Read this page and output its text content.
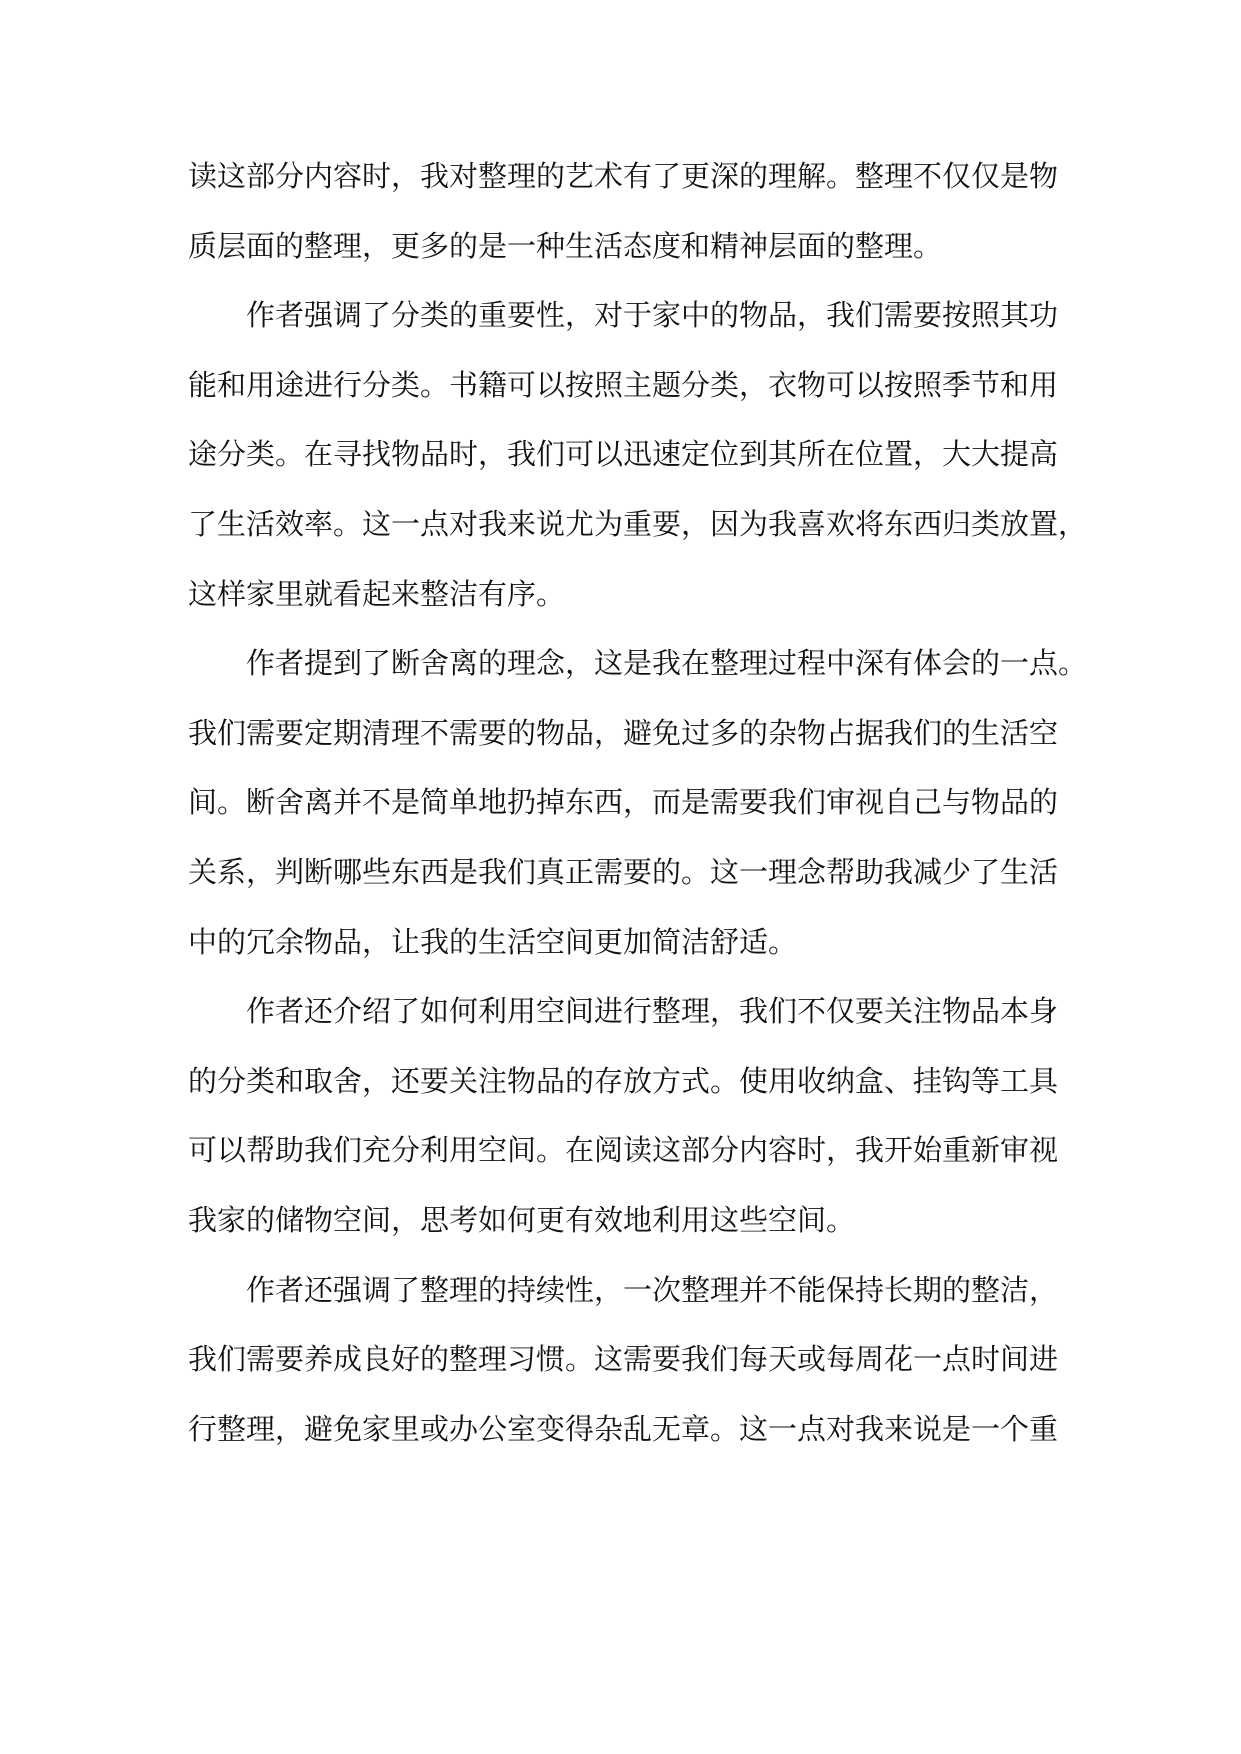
读这部分内容时，我对整理的艺术有了更深的理解。整理不仅仅是物
质层面的整理，更多的是一种生活态度和精神层面的整理。
作者强调了分类的重要性，对于家中的物品，我们需要按照其功
能和用途进行分类。书籍可以按照主题分类，衣物可以按照季节和用
途分类。在寻找物品时，我们可以迅速定位到其所在位置，大大提高
了生活效率。这一点对我来说尤为重要，因为我喜欢将东西归类放置，
这样家里就看起来整洁有序。
作者提到了断舍离的理念，这是我在整理过程中深有体会的一点。
我们需要定期清理不需要的物品，避免过多的杂物占据我们的生活空
间。断舍离并不是简单地扔掉东西，而是需要我们审视自己与物品的
关系，判断哪些东西是我们真正需要的。这一理念帮助我减少了生活
中的冗余物品，让我的生活空间更加简洁舒适。
作者还介绍了如何利用空间进行整理，我们不仅要关注物品本身
的分类和取舍，还要关注物品的存放方式。使用收纳盒、挂钩等工具
可以帮助我们充分利用空间。在阅读这部分内容时，我开始重新审视
我家的储物空间，思考如何更有效地利用这些空间。
作者还强调了整理的持续性，一次整理并不能保持长期的整洁，
我们需要养成良好的整理习惯。这需要我们每天或每周花一点时间进
行整理，避免家里或办公室变得杂乱无章。这一点对我来说是一个重
